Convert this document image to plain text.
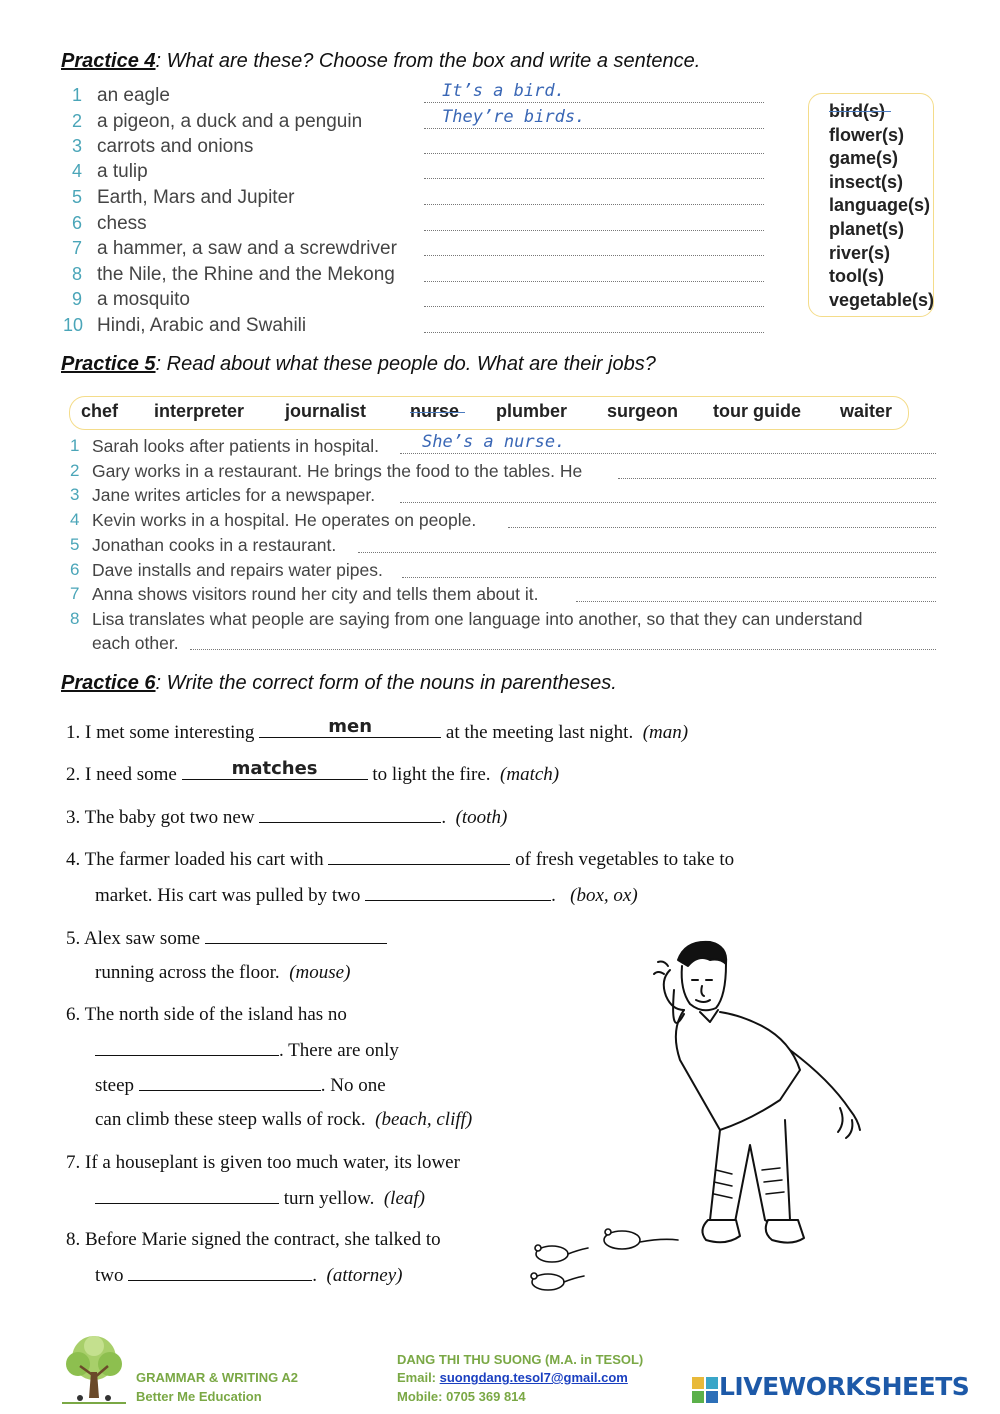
Practice 4: What are these? Choose from the box and write a sentence.
1 an eagle	It’s a bird.
2 a pigeon, a duck and a penguin	They’re birds.
3 carrots and onions
4 a tulip
5 Earth, Mars and Jupiter
6 chess
7 a hammer, a saw and a screwdriver
8 the Nile, the Rhine and the Mekong
9 a mosquito
10 Hindi, Arabic and Swahili
bird(s)
flower(s)
game(s)
insect(s)
language(s)
planet(s)
river(s)
tool(s)
vegetable(s)
Practice 5: Read about what these people do. What are their jobs?
chef interpreter journalist nurse plumber surgeon tour guide waiter
1 Sarah looks after patients in hospital.	She’s a nurse.
2 Gary works in a restaurant. He brings the food to the tables. He
3 Jane writes articles for a newspaper.
4 Kevin works in a hospital. He operates on people.
5 Jonathan cooks in a restaurant.
6 Dave installs and repairs water pipes.
7 Anna shows visitors round her city and tells them about it.
8 Lisa translates what people are saying from one language into another, so that they can understand
each other.
Practice 6: Write the correct form of the nouns in parentheses.
1. I met some interesting	men	at the meeting last night. (man)
2. I need some	matches	to light the fire. (match)
3. The baby got two new	. (tooth)
4. The farmer loaded his cart with	of fresh vegetables to take to
market. His cart was pulled by two	. (box, ox)
5. Alex saw some
running across the floor. (mouse)
6. The north side of the island has no
. There are only
steep	. No one
can climb these steep walls of rock. (beach, cliff)
7. If a houseplant is given too much water, its lower
turn yellow. (leaf)
8. Before Marie signed the contract, she talked to
two	. (attorney)
GRAMMAR & WRITING A2
Better Me Education
DANG THI THU SUONG (M.A. in TESOL)
Email: suongdang.tesol7@gmail.com
Mobile: 0705 369 814	LIVEWORKSHEETS
